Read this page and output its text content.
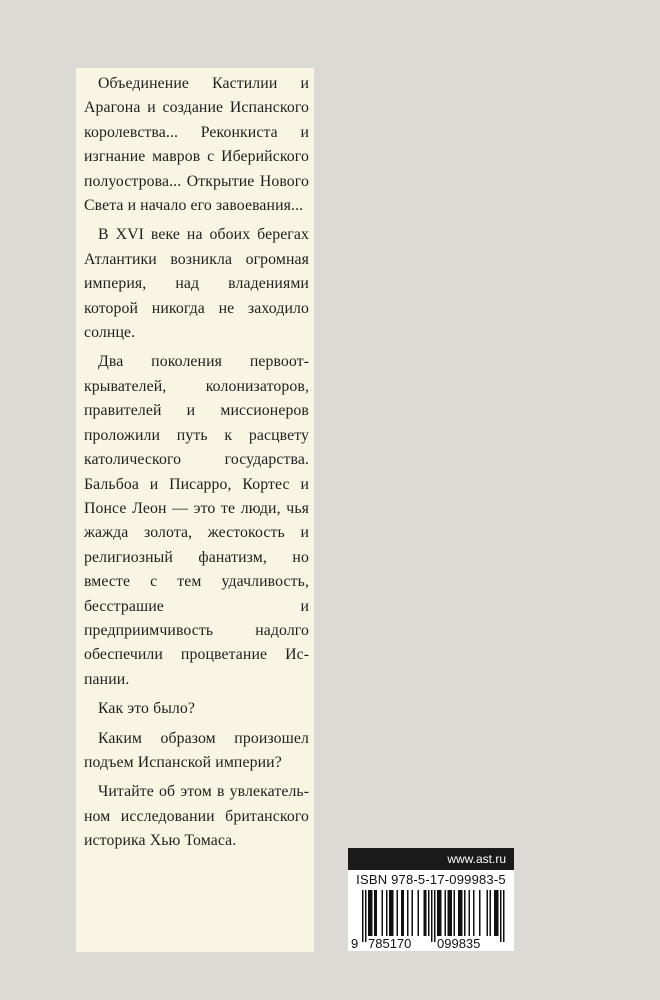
Объединение Кастилии и Арагона и создание Испанского королевства... Реконкиста и изгнание мавров с Иберийского полуострова... Открытие Нового Света и начало его завоевания...

В XVI веке на обоих берегах Атлантики возникла огромная империя, над владениями которой никогда не заходило солнце.

Два поколения первооткрывателей, колонизаторов, правителей и миссионеров проложили путь к расцвету католического государства. Бальбоа и Писарро, Кортес и Понсе Леон — это те люди, чья жажда золота, жестокость и религиозный фанатизм, но вместе с тем удачливость, бесстрашие и предприимчивость надолго обеспечили процветание Испании.

Как это было?

Каким образом произошел подъем Испанской империи?

Читайте об этом в увлекательном исследовании британского историка Хью Томаса.

www.ast.ru
ISBN 978-5-17-099983-5
9 785170 099835
